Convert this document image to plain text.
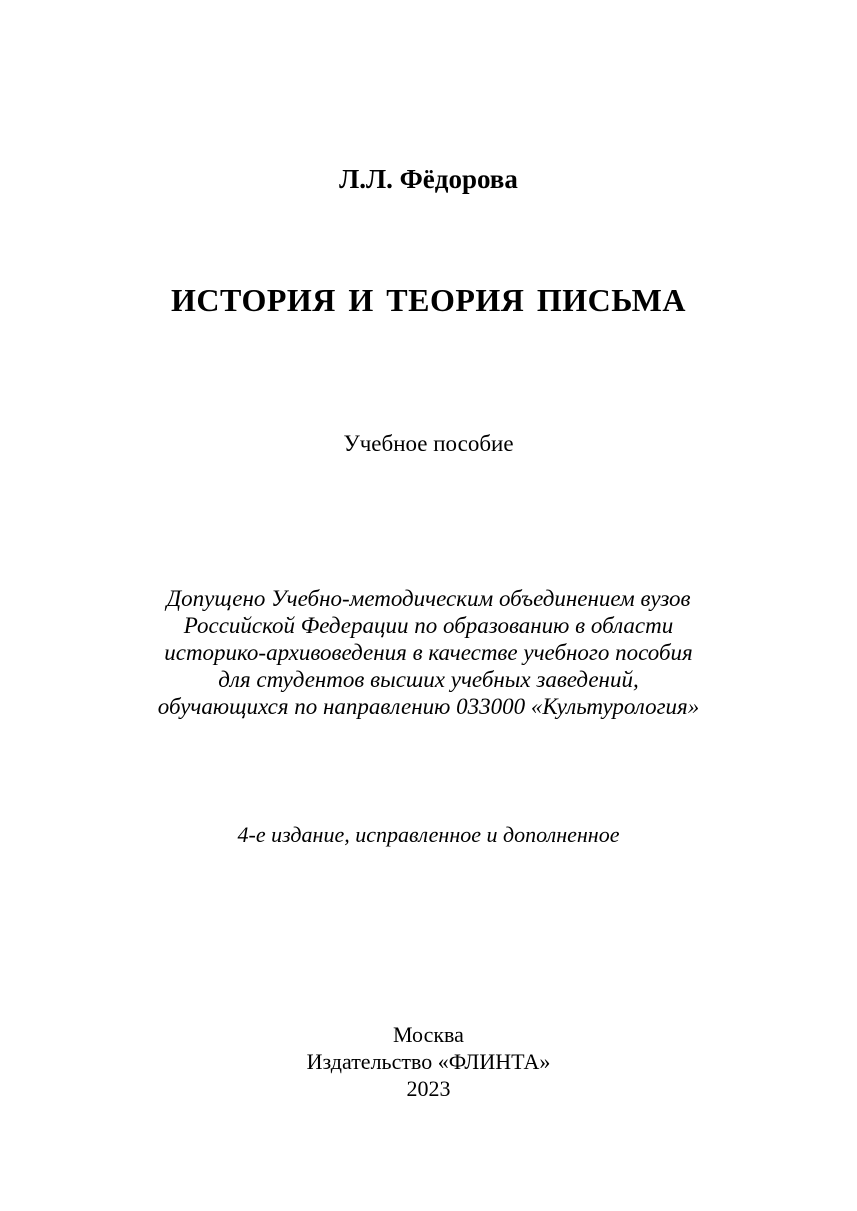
Л.Л. Фёдорова
ИСТОРИЯ И ТЕОРИЯ ПИСЬМА
Учебное пособие
Допущено Учебно-методическим объединением вузов
Российской Федерации по образованию в области
историко-архивоведения в качестве учебного пособия
для студентов высших учебных заведений,
обучающихся по направлению 033000 «Культурология»
4-е издание, исправленное и дополненное
Москва
Издательство «ФЛИНТА»
2023
